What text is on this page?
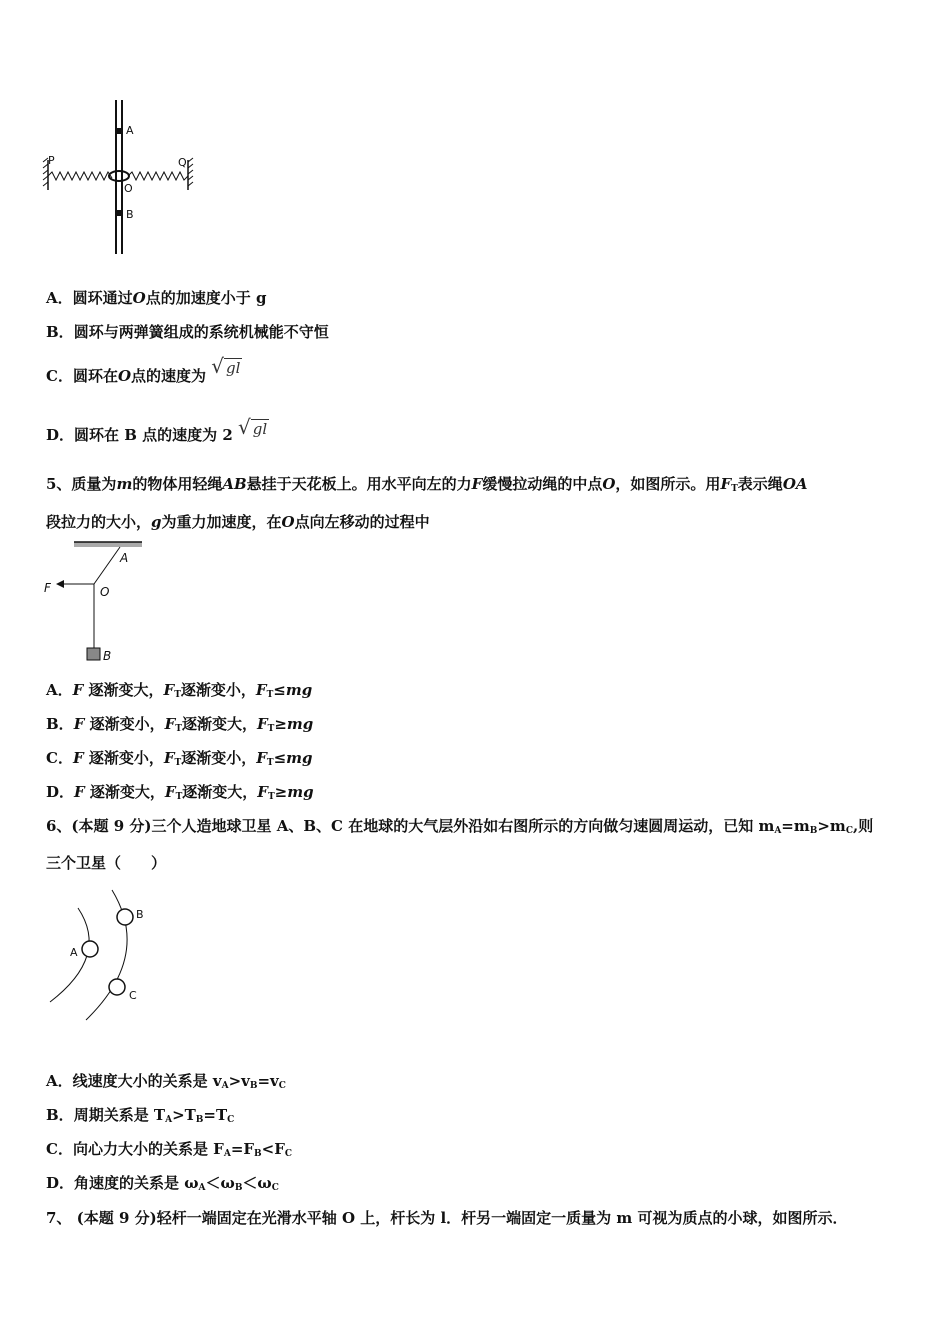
P	Q
A
O
B
A．圆环通过O点的加速度小于 g
B．圆环与两弹簧组成的系统机械能不守恒
C．圆环在O点的速度为 √ gl
D．圆环在 B 点的速度为 2 √ gl
5、质量为m的物体用轻绳AB悬挂于天花板上。用水平向左的力F缓慢拉动绳的中点O，如图所示。用$F_T$表示绳OA
段拉力的大小，g为重力加速度，在O点向左移动的过程中
A
O
F
B
A．F 逐渐变大，$F_T$逐渐变小，$F_T\le mg$
B．F 逐渐变小，$F_T$逐渐变大，$F_T\ge mg$
C．F 逐渐变小，$F_T$逐渐变小，$F_T\le mg$
D．F 逐渐变大，$F_T$逐渐变大，$F_T\ge mg$
6、(本题 9 分)三个人造地球卫星 A、B、C 在地球的大气层外沿如右图所示的方向做匀速圆周运动，已知 $m_A=m_B>m_C$,则
三个卫星（　　）
A
B
C
A．线速度大小的关系是 $v_A>v_B=v_C$
B．周期关系是 $T_A>T_B=T_C$
C．向心力大小的关系是 $F_A=F_B<F_C$
D．角速度的关系是 $\omega_A<\omega_B<\omega_C$
7、 (本题 9 分)轻杆一端固定在光滑水平轴 O 上，杆长为 l．杆另一端固定一质量为 m 可视为质点的小球，如图所示．
